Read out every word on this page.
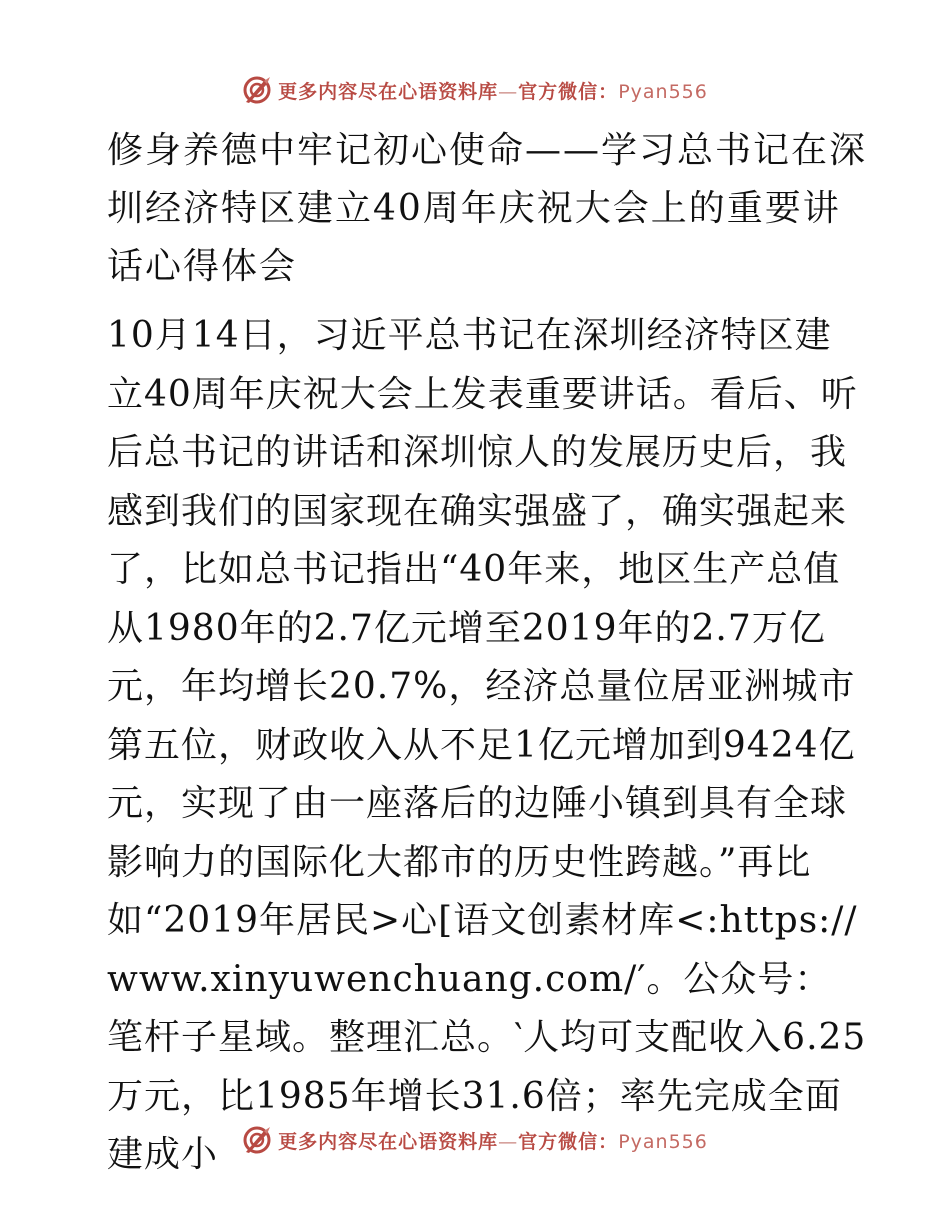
更多内容尽在心语资料库—官方微信：Pyan556
修身养德中牢记初心使命——学习总书记在深圳经济特区建立40周年庆祝大会上的重要讲话心得体会

10月14日，习近平总书记在深圳经济特区建立40周年庆祝大会上发表重要讲话。看后、听后总书记的讲话和深圳惊人的发展历史后，我感到我们的国家现在确实强盛了，确实强起来了，比如总书记指出“40年来，地区生产总值从1980年的2.7亿元增至2019年的2.7万亿元，年均增长20.7%，经济总量位居亚洲城市第五位，财政收入从不足1亿元增加到9424亿元，实现了由一座落后的边陲小镇到具有全球影响力的国际化大都市的历史性跨越。”再比如“2019年居民>心[语文创素材库<:https://www.xinyuwenchuang.com/′。公众号：笔杆子星域。整理汇总。‵人均可支配收入6.25万元，比1985年增长31.6倍；率先完成全面建成小	更多内容尽在心语资料库—官方微信：Pyan556
